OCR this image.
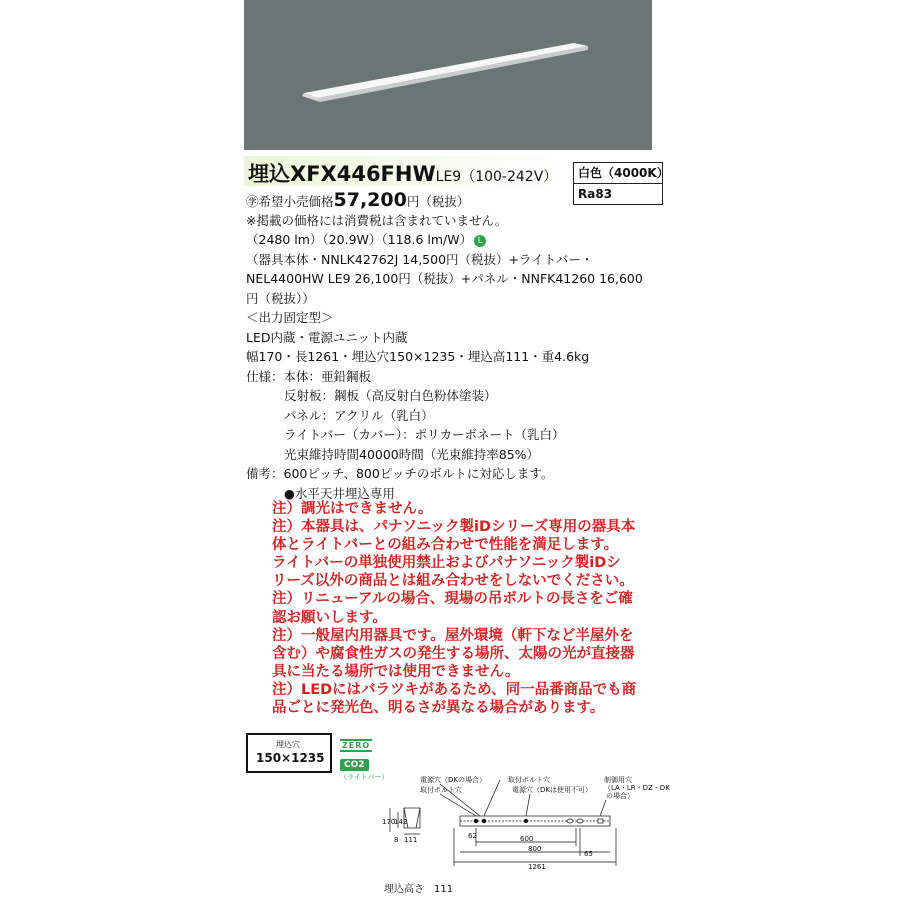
埋込XFX446FHWLE9（100-242V）	白色（4000K）
Ra83
㊫希望小売価格57,200円（税抜）
※掲載の価格には消費税は含まれていません。
（2480 lm）（20.9W）（118.6 lm/W） L
（器具本体・NNLK42762J 14,500円（税抜）+ライトバー・
NEL4400HW LE9 26,100円（税抜）+パネル・NNFK41260 16,600
円（税抜））
＜出力固定型＞
LED内蔵・電源ユニット内蔵
幅170・長1261・埋込穴150×1235・埋込高111・重4.6kg
仕様：本体：亜鉛鋼板
反射板：鋼板（高反射白色粉体塗装）
パネル：アクリル（乳白）
ライトバー（カバー）：ポリカーボネート（乳白）
光束維持時間40000時間（光束維持率85%）
備考：600ピッチ、800ピッチのボルトに対応します。
●水平天井埋込専用
注）調光はできません。
注）本器具は、パナソニック製iDシリーズ専用の器具本
体とライトバーとの組み合わせで性能を満足します。
ライトバーの単独使用禁止およびパナソニック製iDシ
リーズ以外の商品とは組み合わせをしないでください。
注）リニューアルの場合、現場の吊ボルトの長さをご確
認お願いします。
注）一般屋内用器具です。屋外環境（軒下など半屋外を
含む）や腐食性ガスの発生する場所、太陽の光が直接器
具に当たる場所では使用できません。
注）LEDにはバラツキがあるため、同一品番商品でも商
品ごとに発光色、明るさが異なる場合があります。
埋込穴
150×1235
ZERO
CO2
（ライトバー）	電源穴（DKの場合）	取付ボルト穴
取付ボルト穴	電源穴（DKは使用不可）
制御用穴
（LA・LR・DZ・DK
の場合）
170
142
8 111	62	600
800
1261
65
埋込高さ　111
